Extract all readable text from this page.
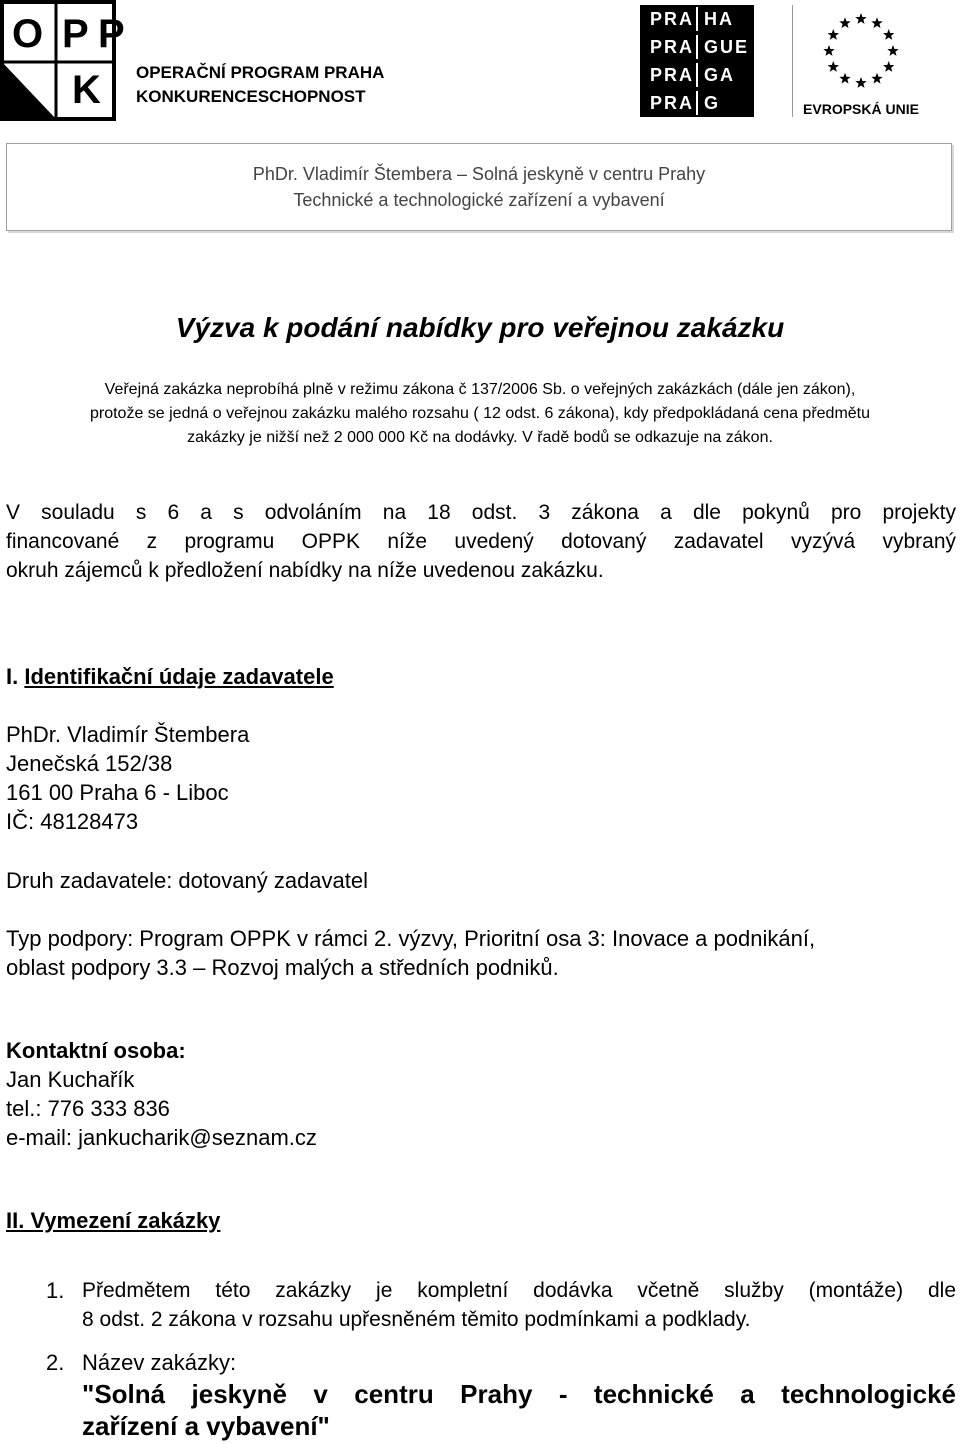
O P P
K OPERAČNÍ PROGRAM PRAHA
KONKURENCESCHOPNOST
PRA HA
PRA GUE
PRA GA
PRA G	EVROPSKÁ UNIE
PhDr. Vladimír Štembera – Solná jeskyně v centru Prahy
Technické a technologické zařízení a vybavení
Výzva k podání nabídky pro veřejnou zakázku
Veřejná zakázka neprobíhá plně v režimu zákona č 137/2006 Sb. o veřejných zakázkách (dále jen zákon),
protože se jedná o veřejnou zakázku malého rozsahu ( 12 odst. 6 zákona), kdy předpokládaná cena předmětu
zakázky je nižší než 2 000 000 Kč na dodávky. V řadě bodů se odkazuje na zákon.
V souladu s 6 a s odvoláním na 18 odst. 3 zákona a dle pokynů pro projekty
financované z programu OPPK níže uvedený dotovaný zadavatel vyzývá vybraný
okruh zájemců k předložení nabídky na níže uvedenou zakázku.
I. Identifikační údaje zadavatele
PhDr. Vladimír Štembera
Jenečská 152/38
161 00 Praha 6 - Liboc
IČ: 48128473
Druh zadavatele: dotovaný zadavatel
Typ podpory: Program OPPK v rámci 2. výzvy, Prioritní osa 3: Inovace a podnikání,
oblast podpory 3.3 – Rozvoj malých a středních podniků.
Kontaktní osoba:
Jan Kuchařík
tel.: 776 333 836
e-mail: jankucharik@seznam.cz
II. Vymezení zakázky
1. Předmětem této zakázky je kompletní dodávka včetně služby (montáže) dle
8 odst. 2 zákona v rozsahu upřesněném těmito podmínkami a podklady.
2. Název zakázky:
"Solná jeskyně v centru Prahy - technické a technologické
zařízení a vybavení"
